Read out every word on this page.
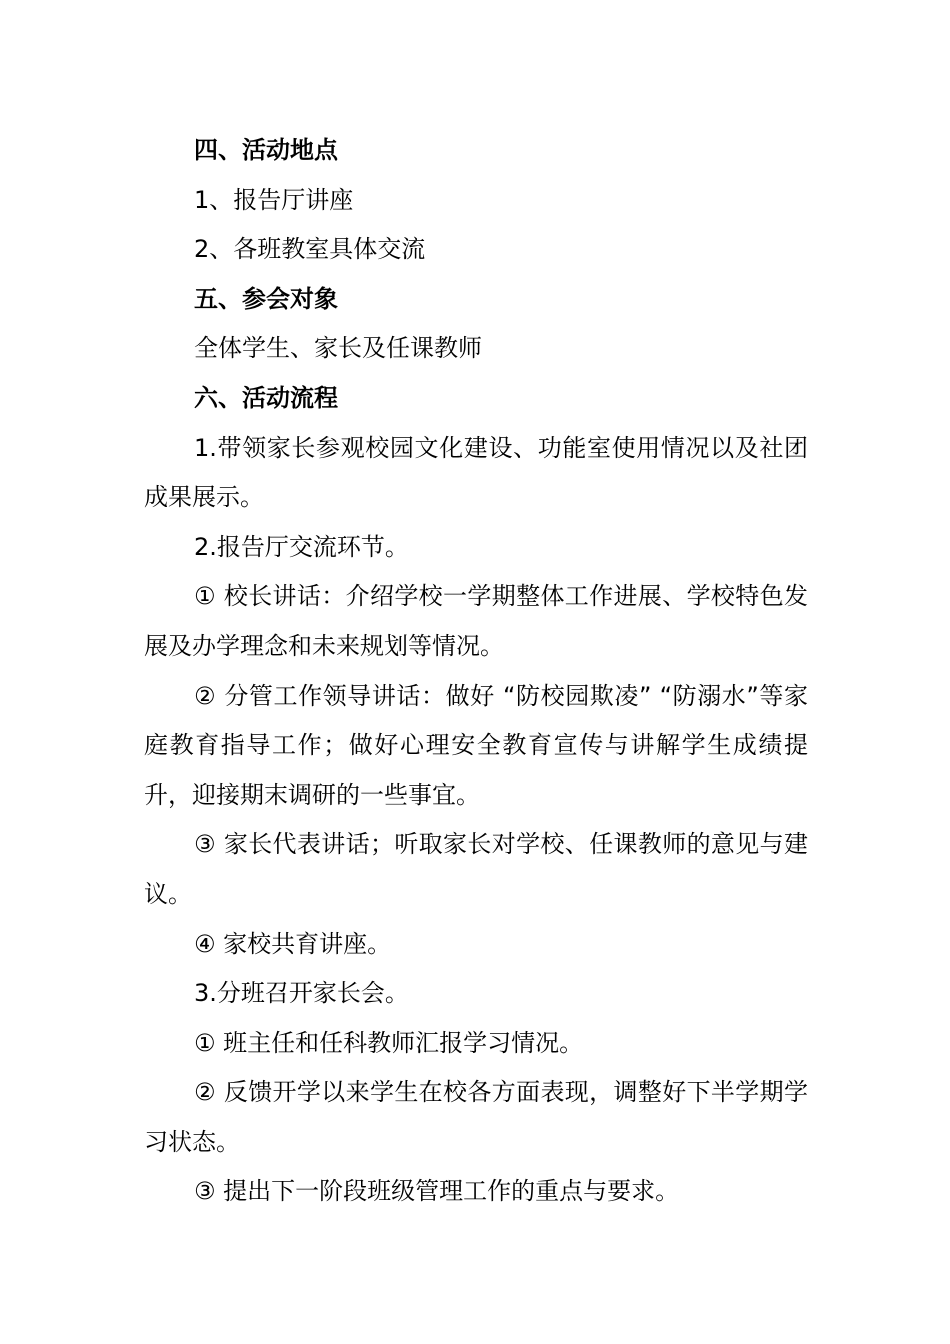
四、活动地点

1、报告厅讲座

2、各班教室具体交流

五、参会对象

全体学生、家长及任课教师

六、活动流程

1.带领家长参观校园文化建设、功能室使用情况以及社团成果展示。

2.报告厅交流环节。

① 校长讲话：介绍学校一学期整体工作进展、学校特色发展及办学理念和未来规划等情况。

② 分管工作领导讲话：做好 “防校园欺凌” “防溺水”等家庭教育指导工作；做好心理安全教育宣传与讲解学生成绩提升，迎接期末调研的一些事宜。

③ 家长代表讲话；听取家长对学校、任课教师的意见与建议。

④ 家校共育讲座。

3.分班召开家长会。

① 班主任和任科教师汇报学习情况。

② 反馈开学以来学生在校各方面表现，调整好下半学期学习状态。

③ 提出下一阶段班级管理工作的重点与要求。
